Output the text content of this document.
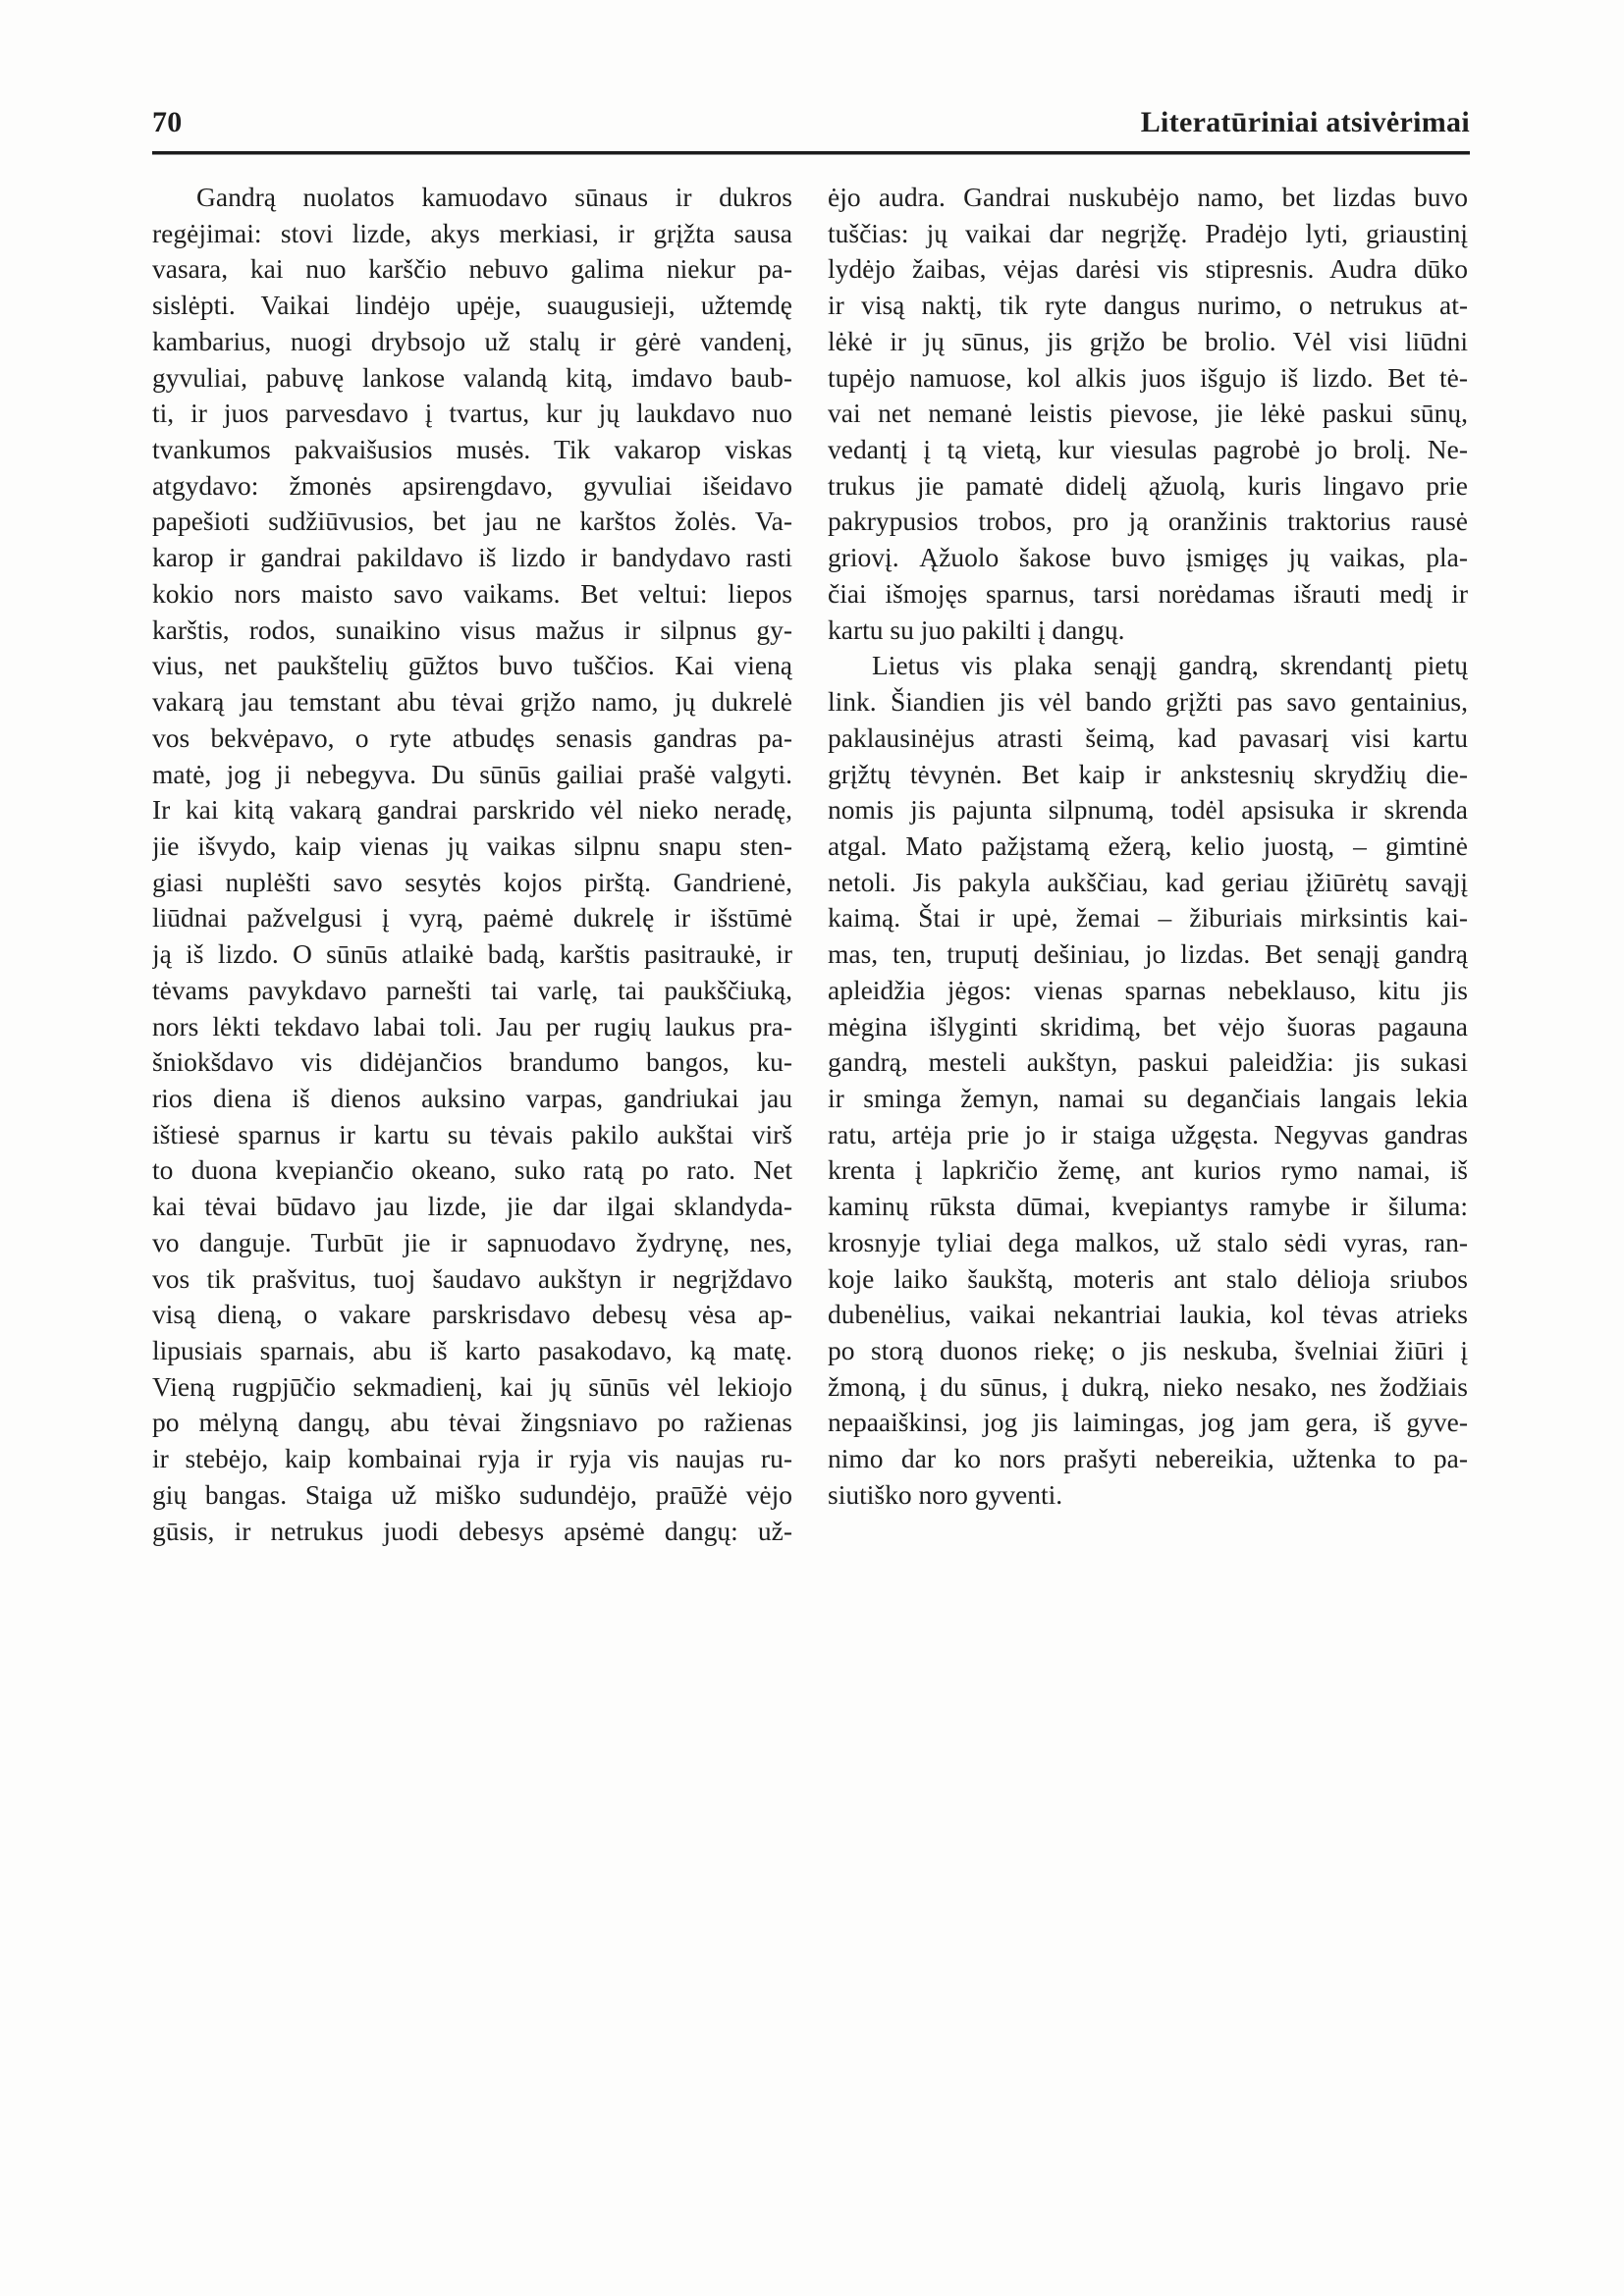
70	Literatūriniai atsivėrimai
Gandrą nuolatos kamuodavo sūnaus ir dukros
regėjimai: stovi lizde, akys merkiasi, ir grįžta sausa
vasara, kai nuo karščio nebuvo galima niekur pa-
sislėpti. Vaikai lindėjo upėje, suaugusieji, užtemdę
kambarius, nuogi drybsojo už stalų ir gėrė vandenį,
gyvuliai, pabuvę lankose valandą kitą, imdavo baub-
ti, ir juos parvesdavo į tvartus, kur jų laukdavo nuo
tvankumos pakvaišusios musės. Tik vakarop viskas
atgydavo: žmonės apsirengdavo, gyvuliai išeidavo
papešioti sudžiūvusios, bet jau ne karštos žolės. Va-
karop ir gandrai pakildavo iš lizdo ir bandydavo rasti
kokio nors maisto savo vaikams. Bet veltui: liepos
karštis, rodos, sunaikino visus mažus ir silpnus gy-
vius, net paukštelių gūžtos buvo tuščios. Kai vieną
vakarą jau temstant abu tėvai grįžo namo, jų dukrelė
vos bekvėpavo, o ryte atbudęs senasis gandras pa-
matė, jog ji nebegyva. Du sūnūs gailiai prašė valgyti.
Ir kai kitą vakarą gandrai parskrido vėl nieko neradę,
jie išvydo, kaip vienas jų vaikas silpnu snapu sten-
giasi nuplėšti savo sesytės kojos pirštą. Gandrienė,
liūdnai pažvelgusi į vyrą, paėmė dukrelę ir išstūmė
ją iš lizdo. O sūnūs atlaikė badą, karštis pasitraukė, ir
tėvams pavykdavo parnešti tai varlę, tai paukščiuką,
nors lėkti tekdavo labai toli. Jau per rugių laukus pra-
šniokšdavo vis didėjančios brandumo bangos, ku-
rios diena iš dienos auksino varpas, gandriukai jau
ištiesė sparnus ir kartu su tėvais pakilo aukštai virš
to duona kvepiančio okeano, suko ratą po rato. Net
kai tėvai būdavo jau lizde, jie dar ilgai sklandyda-
vo danguje. Turbūt jie ir sapnuodavo žydrynę, nes,
vos tik prašvitus, tuoj šaudavo aukštyn ir negrįždavo
visą dieną, o vakare parskrisdavo debesų vėsa ap-
lipusiais sparnais, abu iš karto pasakodavo, ką matę.
Vieną rugpjūčio sekmadienį, kai jų sūnūs vėl lekiojo
po mėlyną dangų, abu tėvai žingsniavo po ražienas
ir stebėjo, kaip kombainai ryja ir ryja vis naujas ru-
gių bangas. Staiga už miško sudundėjo, praūžė vėjo
gūsis, ir netrukus juodi debesys apsėmė dangų: už-
ėjo audra. Gandrai nuskubėjo namo, bet lizdas buvo
tuščias: jų vaikai dar negrįžę. Pradėjo lyti, griaustinį
lydėjo žaibas, vėjas darėsi vis stipresnis. Audra dūko
ir visą naktį, tik ryte dangus nurimo, o netrukus at-
lėkė ir jų sūnus, jis grįžo be brolio. Vėl visi liūdni
tupėjo namuose, kol alkis juos išgujo iš lizdo. Bet tė-
vai net nemanė leistis pievose, jie lėkė paskui sūnų,
vedantį į tą vietą, kur viesulas pagrobė jo brolį. Ne-
trukus jie pamatė didelį ąžuolą, kuris lingavo prie
pakrypusios trobos, pro ją oranžinis traktorius rausė
griovį. Ąžuolo šakose buvo įsmigęs jų vaikas, pla-
čiai išmojęs sparnus, tarsi norėdamas išrauti medį ir
kartu su juo pakilti į dangų.
Lietus vis plaka senąjį gandrą, skrendantį pietų
link. Šiandien jis vėl bando grįžti pas savo gentainius,
paklausinėjus atrasti šeimą, kad pavasarį visi kartu
grįžtų tėvynėn. Bet kaip ir ankstesnių skrydžių die-
nomis jis pajunta silpnumą, todėl apsisuka ir skrenda
atgal. Mato pažįstamą ežerą, kelio juostą, – gimtinė
netoli. Jis pakyla aukščiau, kad geriau įžiūrėtų savąjį
kaimą. Štai ir upė, žemai – žiburiais mirksintis kai-
mas, ten, truputį dešiniau, jo lizdas. Bet senąjį gandrą
apleidžia jėgos: vienas sparnas nebeklauso, kitu jis
mėgina išlyginti skridimą, bet vėjo šuoras pagauna
gandrą, mesteli aukštyn, paskui paleidžia: jis sukasi
ir sminga žemyn, namai su degančiais langais lekia
ratu, artėja prie jo ir staiga užgęsta. Negyvas gandras
krenta į lapkričio žemę, ant kurios rymo namai, iš
kaminų rūksta dūmai, kvepiantys ramybe ir šiluma:
krosnyje tyliai dega malkos, už stalo sėdi vyras, ran-
koje laiko šaukštą, moteris ant stalo dėlioja sriubos
dubenėlius, vaikai nekantriai laukia, kol tėvas atrieks
po storą duonos riekę; o jis neskuba, švelniai žiūri į
žmoną, į du sūnus, į dukrą, nieko nesako, nes žodžiais
nepaaiškinsi, jog jis laimingas, jog jam gera, iš gyve-
nimo dar ko nors prašyti nebereikia, užtenka to pa-
siutiško noro gyventi.
